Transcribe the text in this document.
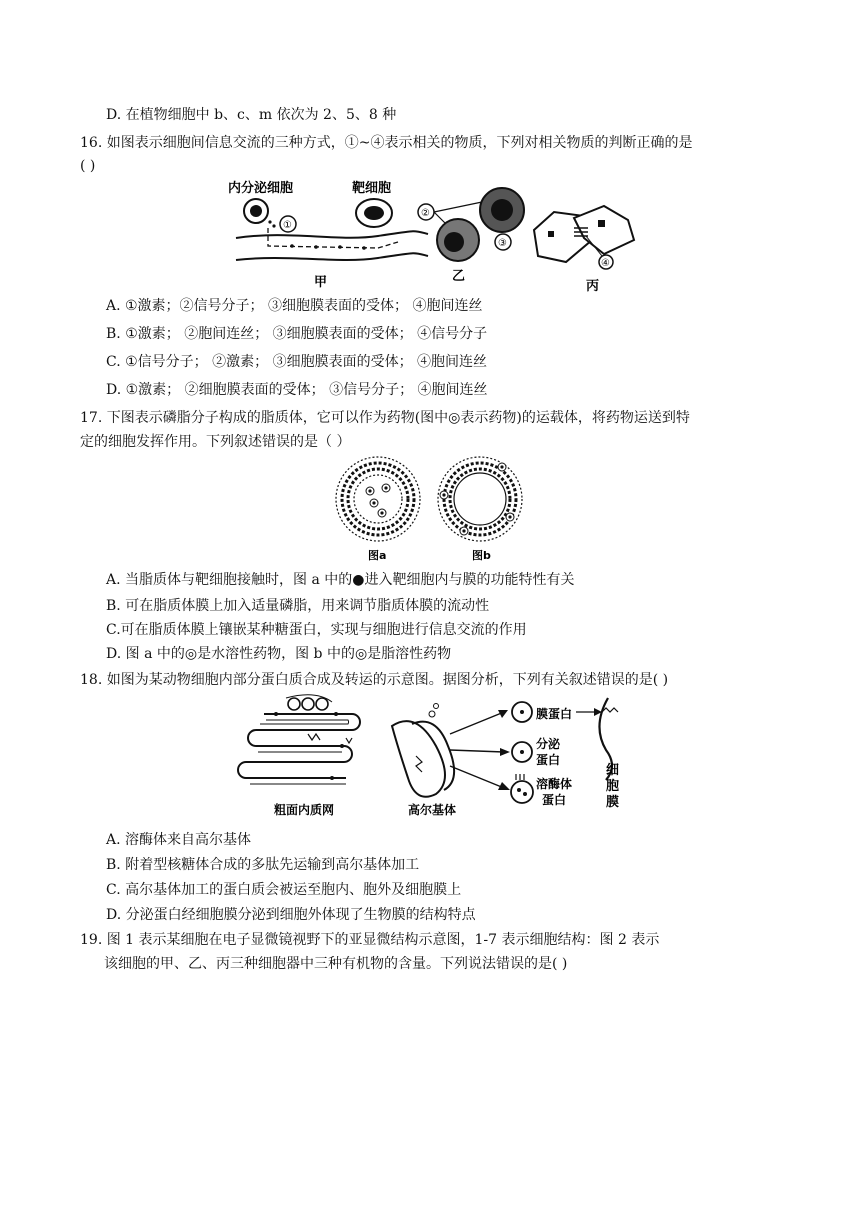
D. 在植物细胞中 b、c、m 依次为 2、5、8 种
16. 如图表示细胞间信息交流的三种方式，①~④表示相关的物质，下列对相关物质的判断正确的是
( )
内分泌细胞
①
靶细胞
甲
②
③
乙
④
丙
A. ①激素；②信号分子； ③细胞膜表面的受体； ④胞间连丝
B. ①激素； ②胞间连丝； ③细胞膜表面的受体； ④信号分子
C. ①信号分子； ②激素； ③细胞膜表面的受体； ④胞间连丝
D. ①激素； ②细胞膜表面的受体； ③信号分子； ④胞间连丝
17. 下图表示磷脂分子构成的脂质体，它可以作为药物(图中◎表示药物)的运载体，将药物运送到特
定的细胞发挥作用。下列叙述错误的是（ ）
图a	图b
A. 当脂质体与靶细胞接触时，图 a 中的●进入靶细胞内与膜的功能特性有关
B. 可在脂质体膜上加入适量磷脂，用来调节脂质体膜的流动性
C.可在脂质体膜上镶嵌某种糖蛋白，实现与细胞进行信息交流的作用
D. 图 a 中的◎是水溶性药物，图 b 中的◎是脂溶性药物
18. 如图为某动物细胞内部分蛋白质合成及转运的示意图。据图分析，下列有关叙述错误的是( )
粗面内质网	高尔基体
膜蛋白
分泌
蛋白
溶酶体
蛋白
细
胞
膜
A. 溶酶体来自高尔基体
B. 附着型核糖体合成的多肽先运输到高尔基体加工
C. 高尔基体加工的蛋白质会被运至胞内、胞外及细胞膜上
D. 分泌蛋白经细胞膜分泌到细胞外体现了生物膜的结构特点
19. 图 1 表示某细胞在电子显微镜视野下的亚显微结构示意图，1-7 表示细胞结构：图 2 表示
该细胞的甲、乙、丙三种细胞器中三种有机物的含量。下列说法错误的是( )
